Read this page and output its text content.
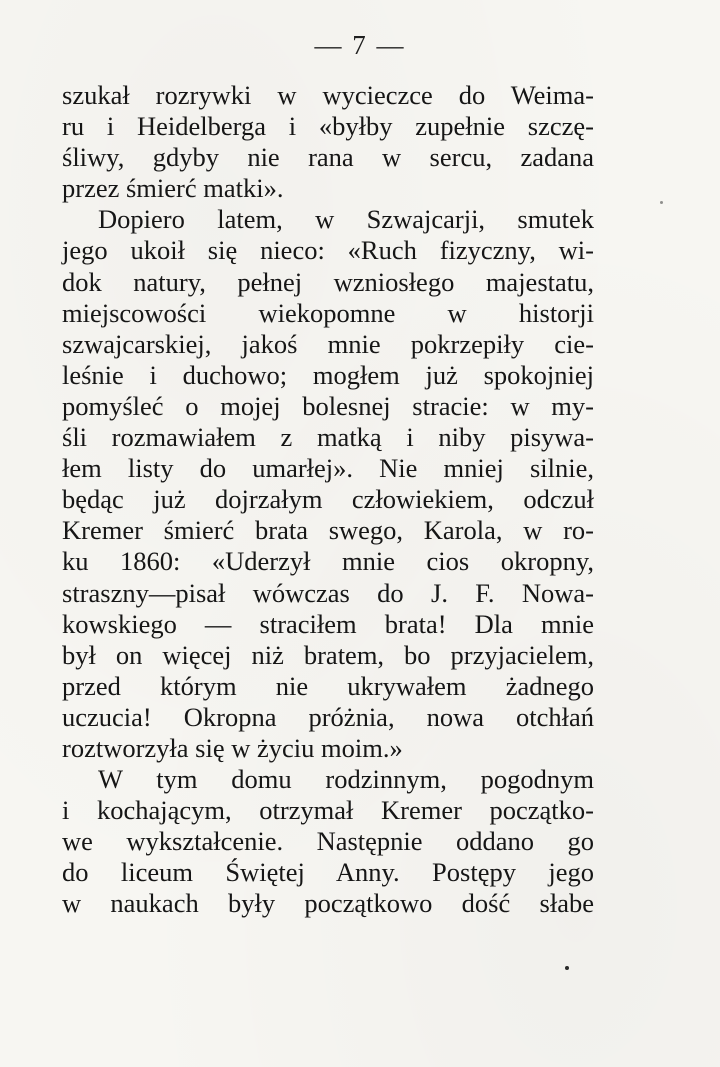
— 7 —
szukał rozrywki w wycieczce do Weima-
ru i Heidelberga i «byłby zupełnie szczę-
śliwy, gdyby nie rana w sercu, zadana
przez śmierć matki».
Dopiero latem, w Szwajcarji, smutek
jego ukoił się nieco: «Ruch fizyczny, wi-
dok natury, pełnej wzniosłego majestatu,
miejscowości wiekopomne w historji
szwajcarskiej, jakoś mnie pokrzepiły cie-
leśnie i duchowo; mogłem już spokojniej
pomyśleć o mojej bolesnej stracie: w my-
śli rozmawiałem z matką i niby pisywa-
łem listy do umarłej». Nie mniej silnie,
będąc już dojrzałym człowiekiem, odczuł
Kremer śmierć brata swego, Karola, w ro-
ku 1860: «Uderzył mnie cios okropny,
straszny—pisał wówczas do J. F. Nowa-
kowskiego — straciłem brata! Dla mnie
był on więcej niż bratem, bo przyjacielem,
przed którym nie ukrywałem żadnego
uczucia! Okropna próżnia, nowa otchłań
roztworzyła się w życiu moim.»
W tym domu rodzinnym, pogodnym
i kochającym, otrzymał Kremer początko-
we wykształcenie. Następnie oddano go
do liceum Świętej Anny. Postępy jego
w naukach były początkowo dość słabe
